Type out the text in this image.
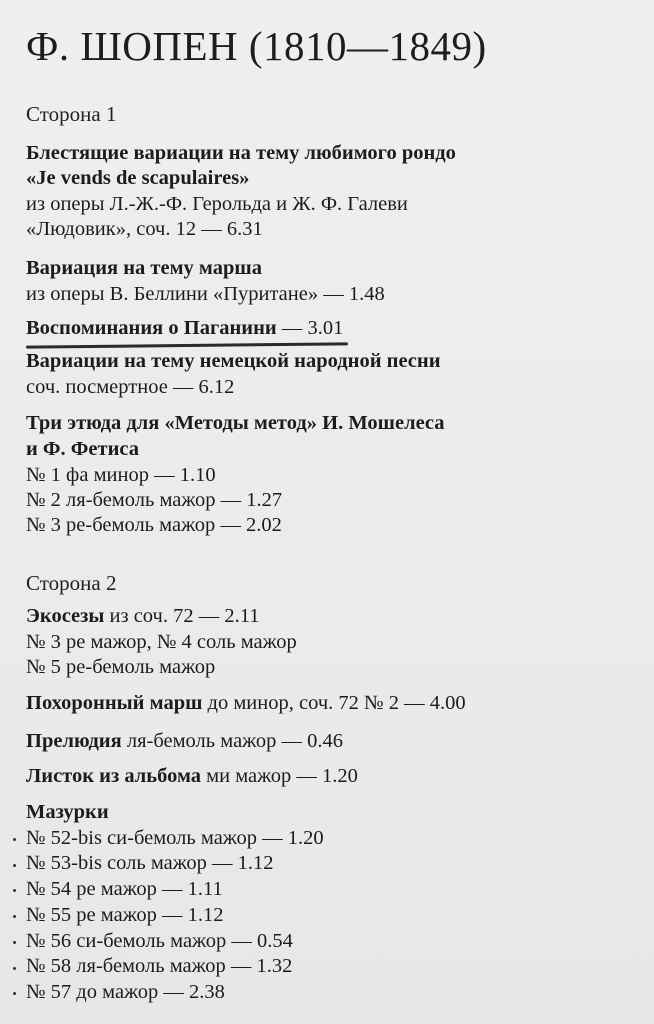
Ф. ШОПЕН (1810—1849)
Сторона 1
Блестящие вариации на тему любимого рондо
«Je vends de scapulaires»
из оперы Л.-Ж.-Ф. Герольда и Ж. Ф. Галеви
«Людовик», соч. 12 — 6.31
Вариация на тему марша
из оперы В. Беллини «Пуритане» — 1.48
Воспоминания о Паганини — 3.01
Вариации на тему немецкой народной песни
соч. посмертное — 6.12
Три этюда для «Методы метод» И. Мошелеса
и Ф. Фетиса
№ 1 фа минор — 1.10
№ 2 ля-бемоль мажор — 1.27
№ 3 ре-бемоль мажор — 2.02
Сторона 2
Экосезы из соч. 72 — 2.11
№ 3 ре мажор, № 4 соль мажор
№ 5 ре-бемоль мажор
Похоронный марш до минор, соч. 72 № 2 — 4.00
Прелюдия ля-бемоль мажор — 0.46
Листок из альбома ми мажор — 1.20
Мазурки
№ 52-bis си-бемоль мажор — 1.20
№ 53-bis соль мажор — 1.12
№ 54 ре мажор — 1.11
№ 55 ре мажор — 1.12
№ 56 си-бемоль мажор — 0.54
№ 58 ля-бемоль мажор — 1.32
№ 57 до мажор — 2.38
